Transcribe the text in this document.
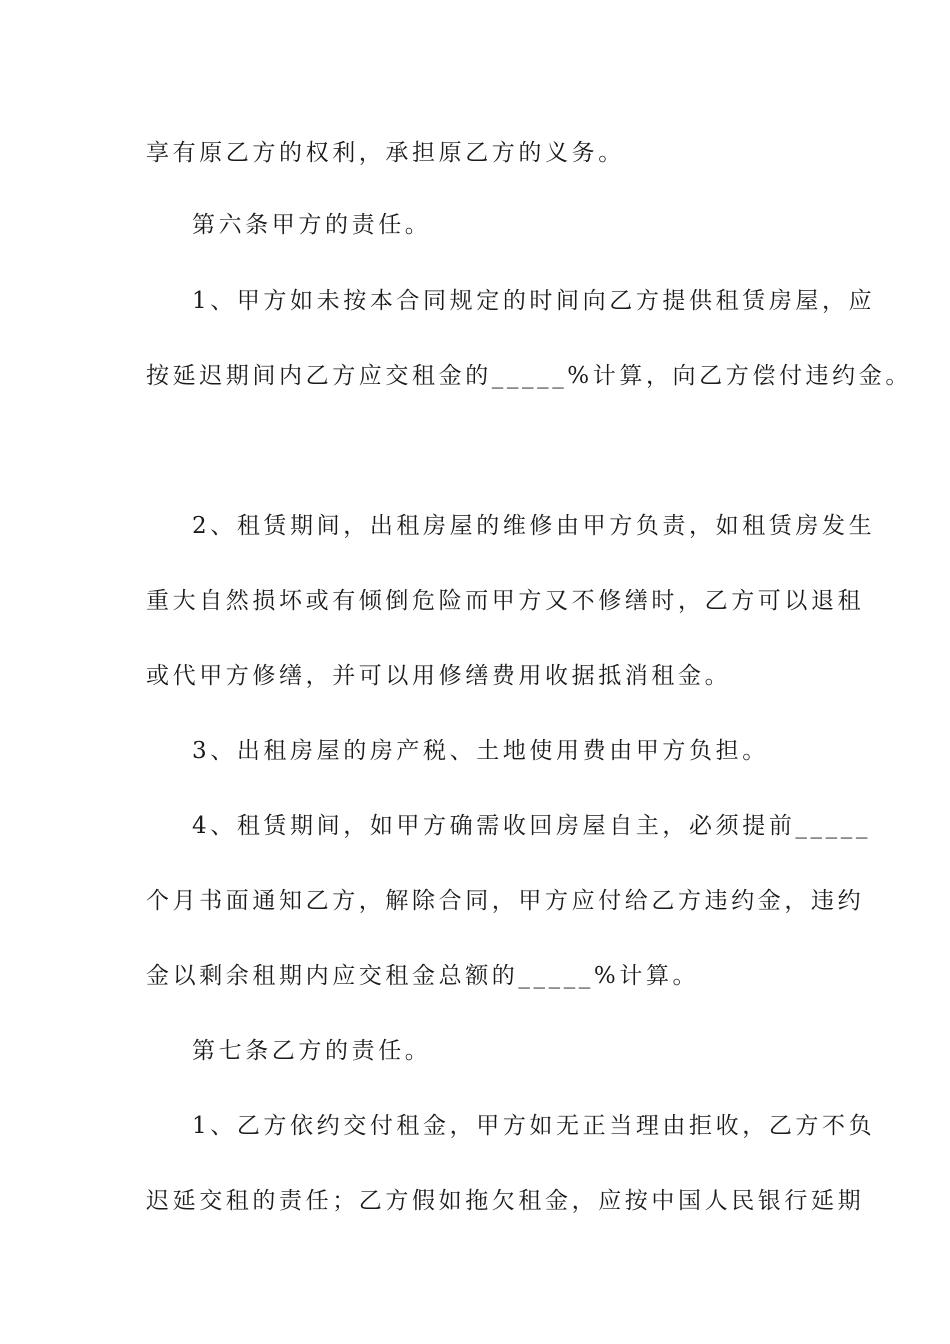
享有原乙方的权利，承担原乙方的义务。
第六条甲方的责任。
1、甲方如未按本合同规定的时间向乙方提供租赁房屋，应
按延迟期间内乙方应交租金的_____%计算，向乙方偿付违约金。
2、租赁期间，出租房屋的维修由甲方负责，如租赁房发生
重大自然损坏或有倾倒危险而甲方又不修缮时，乙方可以退租
或代甲方修缮，并可以用修缮费用收据抵消租金。
3、出租房屋的房产税、土地使用费由甲方负担。
4、租赁期间，如甲方确需收回房屋自主，必须提前_____
个月书面通知乙方，解除合同，甲方应付给乙方违约金，违约
金以剩余租期内应交租金总额的_____%计算。
第七条乙方的责任。
1、乙方依约交付租金，甲方如无正当理由拒收，乙方不负
迟延交租的责任；乙方假如拖欠租金，应按中国人民银行延期
